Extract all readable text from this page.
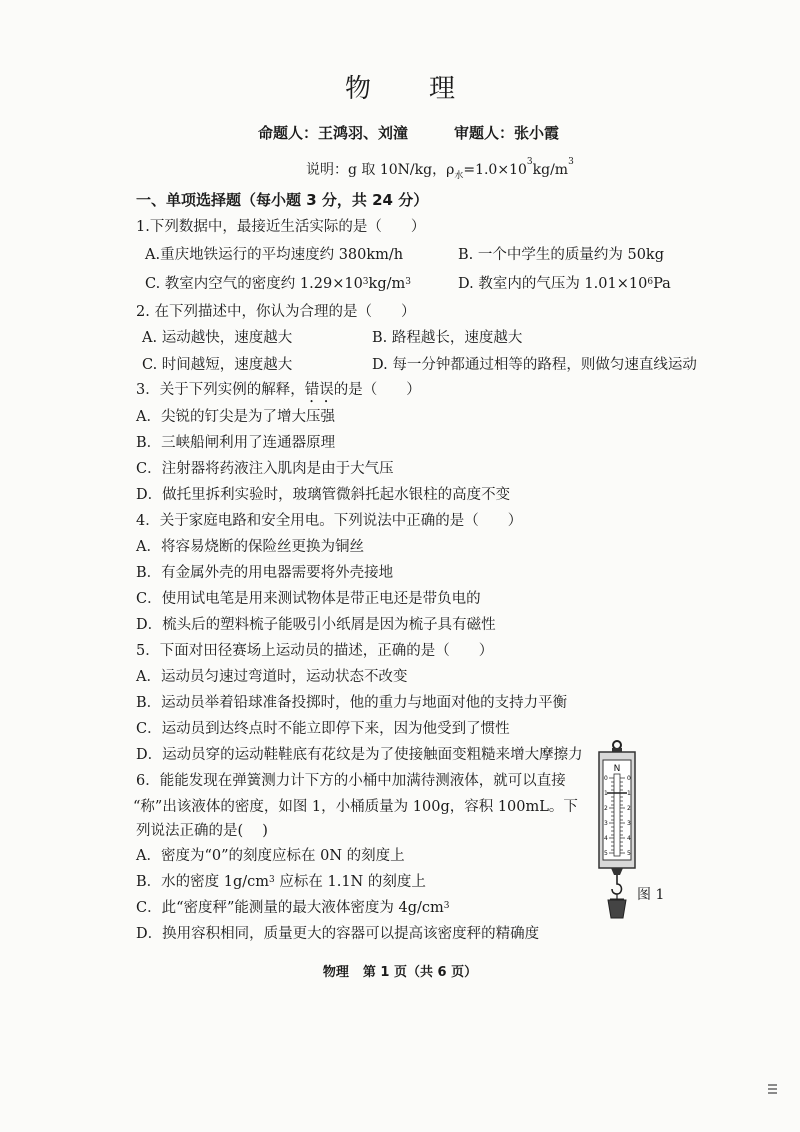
物理
命题人：王鸿羽、刘潼	审题人：张小霞
说明：g 取 10N/kg，$\rho_水=1.0\times 10^3kg/m^3$
一、单项选择题（每小题 3 分，共 24 分）
1.下列数据中，最接近生活实际的是（　　）
A.重庆地铁运行的平均速度约 380km/h	B. 一个中学生的质量约为 50kg
C. 教室内空气的密度约 $1.29\times 10^3kg/m^3$	D. 教室内的气压为 $1.01\times 10^6Pa$
2. 在下列描述中，你认为合理的是（　　）
A. 运动越快，速度越大	B. 路程越长，速度越大
C. 时间越短，速度越大	D. 每一分钟都通过相等的路程，则做匀速直线运动
3．关于下列实例的解释，错误的是（　　）
A．尖锐的钉尖是为了增大压强
B．三峡船闸利用了连通器原理
C．注射器将药液注入肌肉是由于大气压
D．做托里拆利实验时，玻璃管微斜托起水银柱的高度不变
4．关于家庭电路和安全用电。下列说法中正确的是（　　）
A．将容易烧断的保险丝更换为铜丝
B．有金属外壳的用电器需要将外壳接地
C．使用试电笔是用来测试物体是带正电还是带负电的
D．梳头后的塑料梳子能吸引小纸屑是因为梳子具有磁性
5．下面对田径赛场上运动员的描述，正确的是（　　）
A．运动员匀速过弯道时，运动状态不改变
B．运动员举着铅球准备投掷时，他的重力与地面对他的支持力平衡
C．运动员到达终点时不能立即停下来，因为他受到了惯性
D．运动员穿的运动鞋鞋底有花纹是为了使接触面变粗糙来增大摩擦力
6．能能发现在弹簧测力计下方的小桶中加满待测液体，就可以直接
“称”出该液体的密度，如图 1，小桶质量为 100g，容积 100mL。下
列说法正确的是(　 )
A．密度为“0”的刻度应标在 0N 的刻度上
B．水的密度 $1g/cm^3$ 应标在 1.1N 的刻度上
C．此“密度秤”能测量的最大液体密度为 $4g/cm^3$
D．换用容积相同，质量更大的容器可以提高该密度秤的精确度
N
0	0
1	1
2	2
3	3
4	4
5	5
图 1
物理 第 1 页（共 6 页）
